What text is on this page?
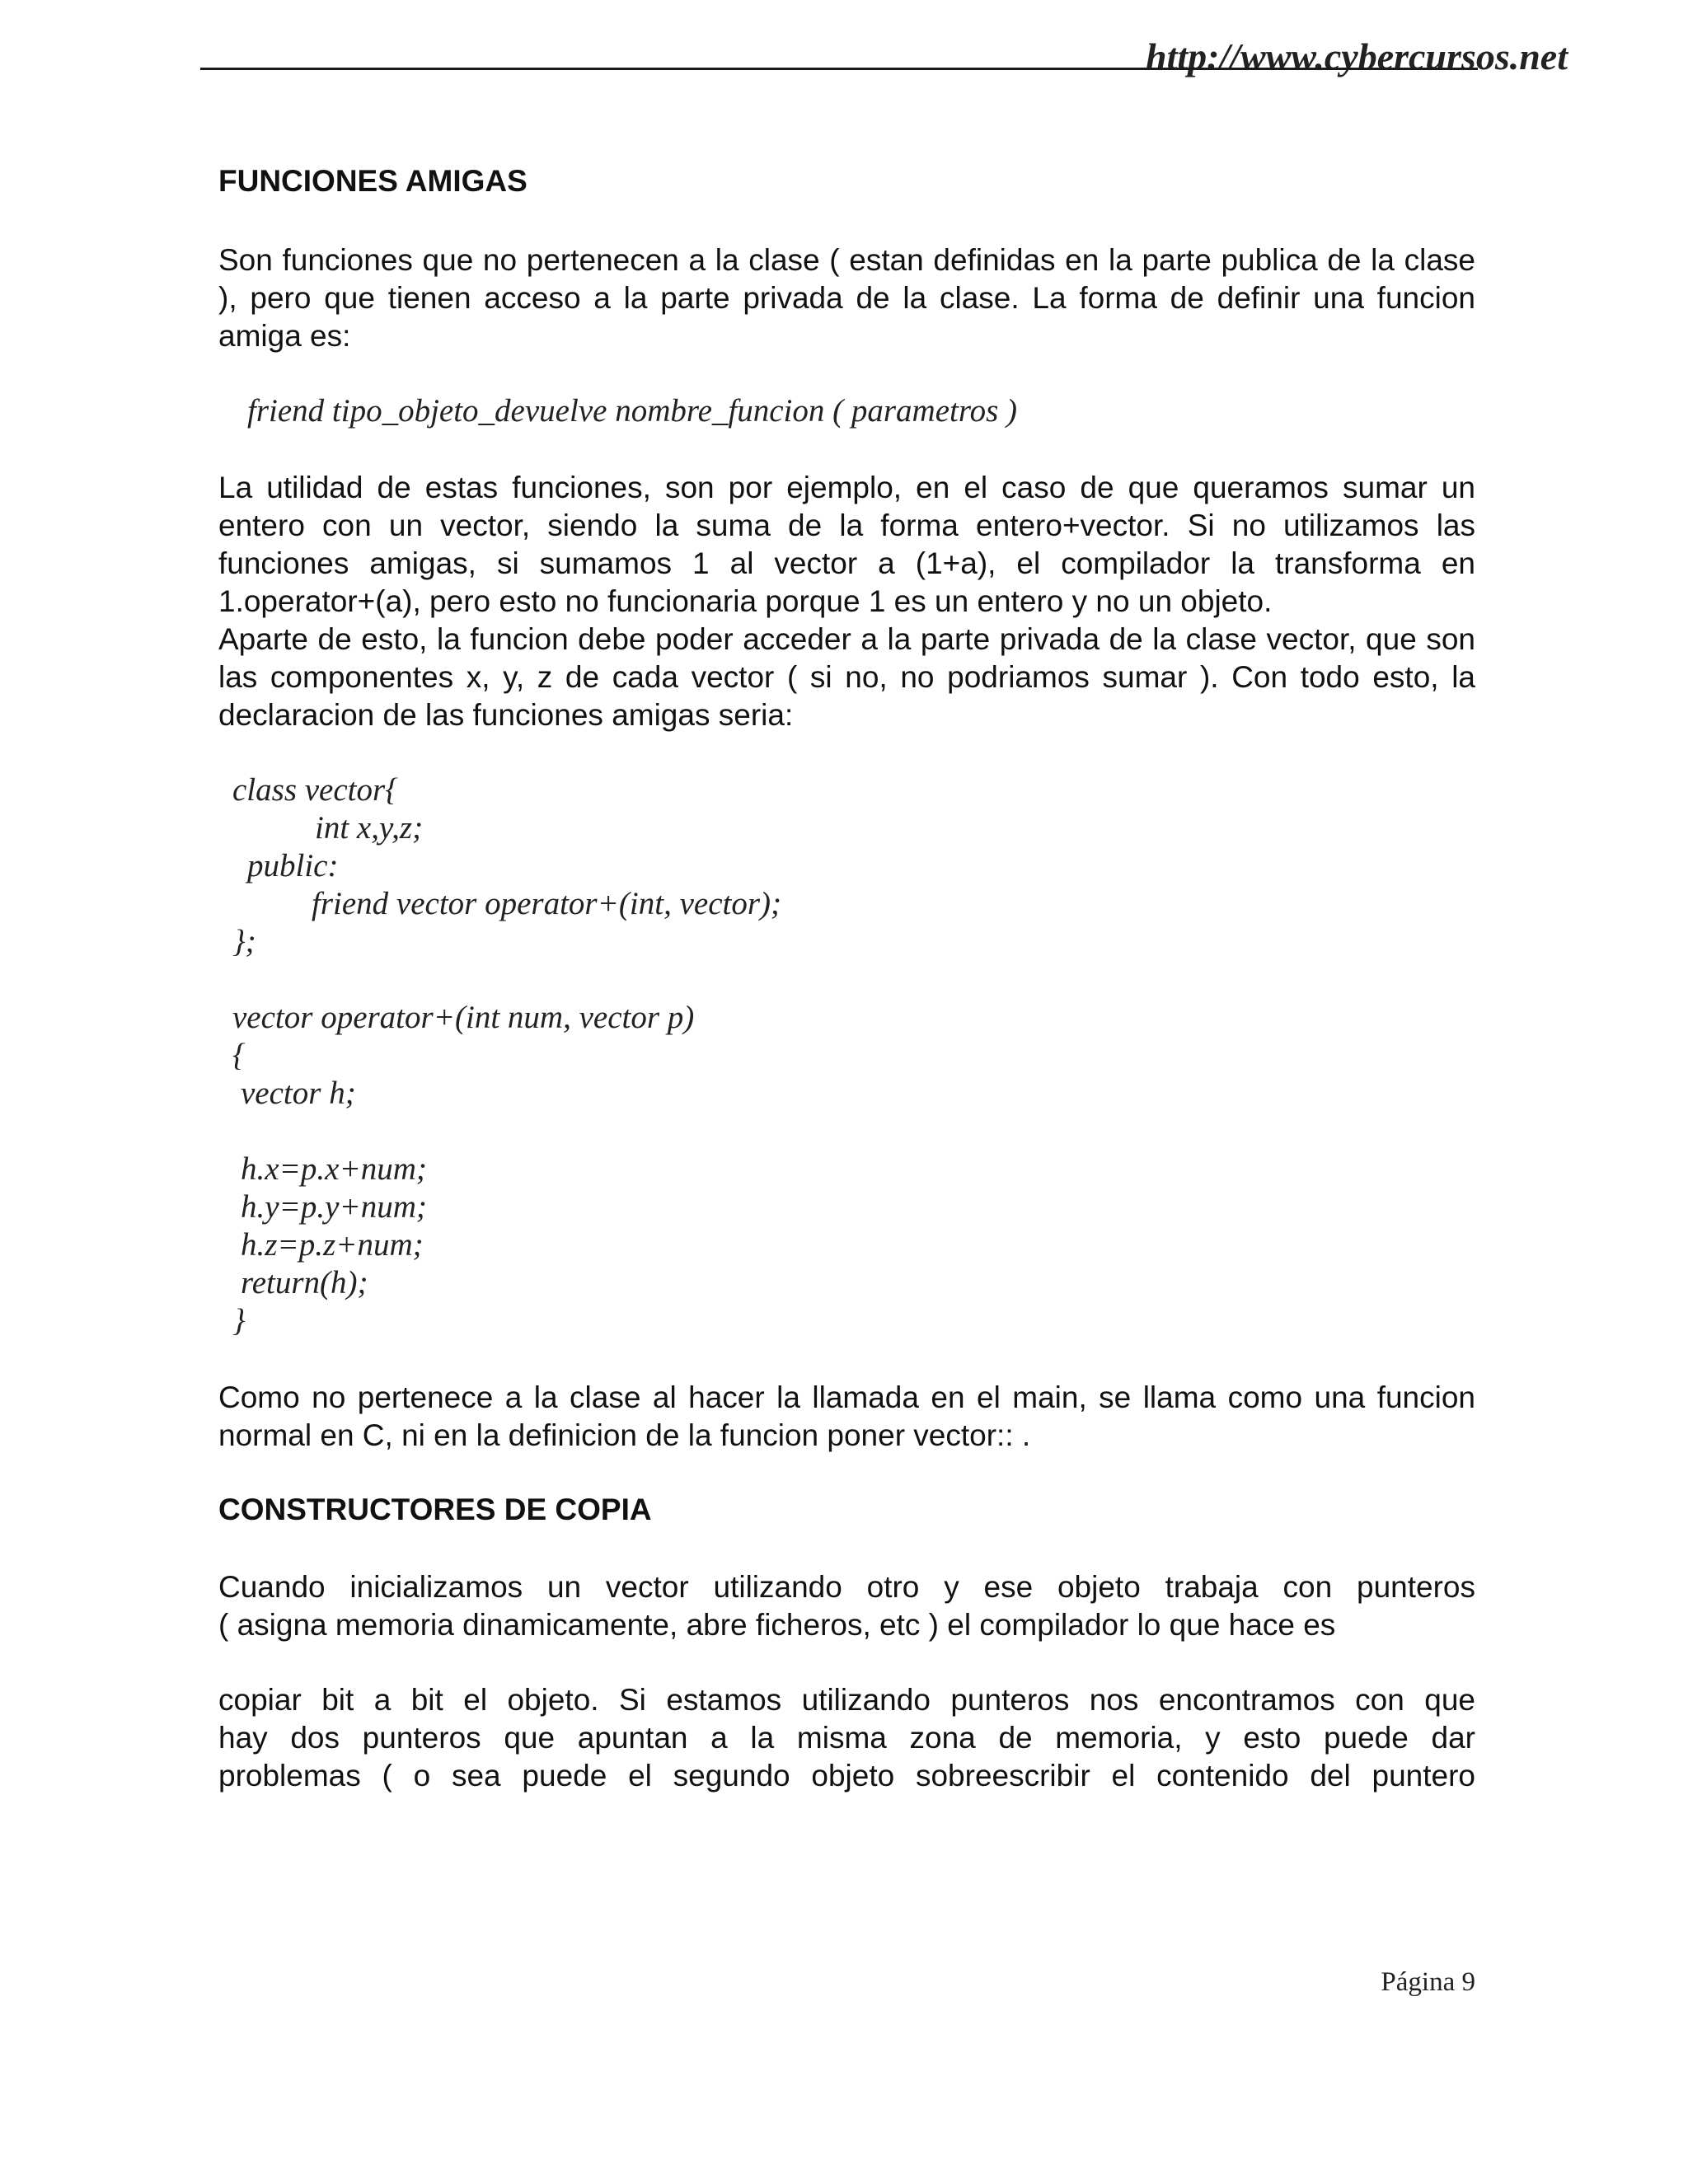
http://www.cybercursos.net
FUNCIONES AMIGAS

Son funciones que no pertenecen a la clase ( estan definidas en la parte publica de la clase ), pero que tienen acceso a la parte privada de la clase. La forma de definir una funcion amiga es:

friend tipo_objeto_devuelve nombre_funcion ( parametros )

La utilidad de estas funciones, son por ejemplo, en el caso de que queramos sumar un entero con un vector, siendo la suma de la forma entero+vector. Si no utilizamos las funciones amigas, si sumamos 1 al vector a (1+a), el compilador la transforma en 1.operator+(a), pero esto no funcionaria porque 1 es un entero y no un objeto.

Aparte de esto, la funcion debe poder acceder a la parte privada de la clase vector, que son las componentes x, y, z de cada vector ( si no, no podriamos sumar ). Con todo esto, la declaracion de las funciones amigas seria:

class vector{
int x,y,z;
public:
friend vector operator+(int, vector);
};
vector operator+(int num, vector p)
{
vector h;
h.x=p.x+num;
h.y=p.y+num;
h.z=p.z+num;
return(h);
}

Como no pertenece a la clase al hacer la llamada en el main, se llama como una funcion normal en C, ni en la definicion de la funcion poner vector:: .

CONSTRUCTORES DE COPIA
Cuando inicializamos un vector utilizando otro y ese objeto trabaja con punteros
( asigna memoria dinamicamente, abre ficheros, etc ) el compilador lo que hace es
copiar bit a bit el objeto. Si estamos utilizando punteros nos encontramos con que
hay dos punteros que apuntan a la misma zona de memoria, y esto puede dar
problemas ( o sea puede el segundo objeto sobreescribir el contenido del puntero
Página 9
